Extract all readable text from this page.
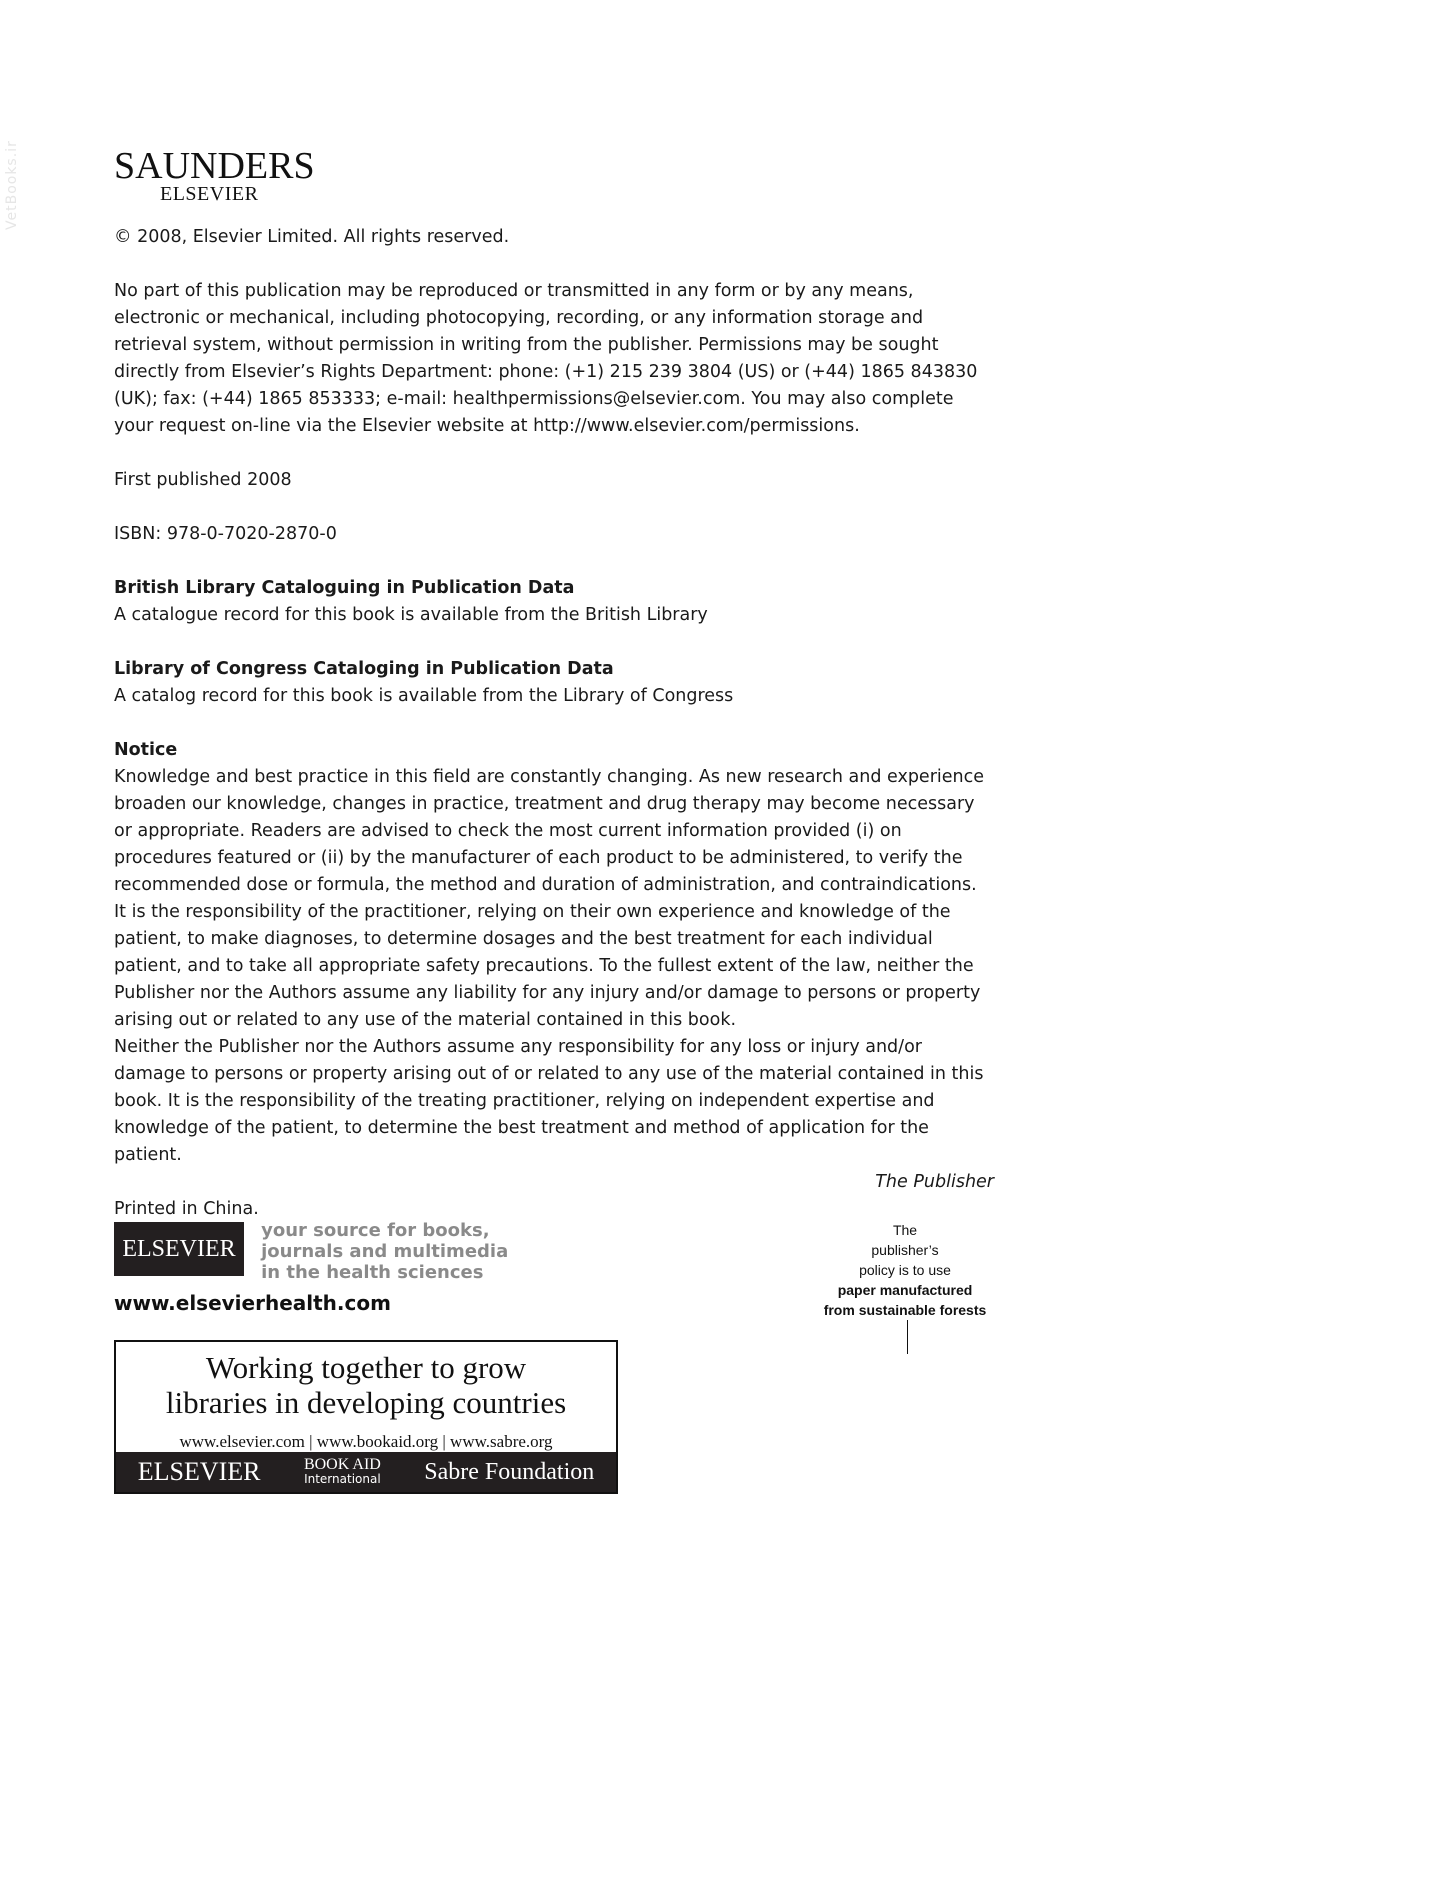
VetBooks.ir SAUNDERS
ELSEVIER

© 2008, Elsevier Limited. All rights reserved.

No part of this publication may be reproduced or transmitted in any form or by any means, electronic or mechanical, including photocopying, recording, or any information storage and retrieval system, without permission in writing from the publisher. Permissions may be sought directly from Elsevier’s Rights Department: phone: (+1) 215 239 3804 (US) or (+44) 1865 843830 (UK); fax: (+44) 1865 853333; e-mail: healthpermissions@elsevier.com. You may also complete your request on-line via the Elsevier website at http://www.elsevier.com/permissions.

First published 2008

ISBN: 978-0-7020-2870-0

British Library Cataloguing in Publication Data
A catalogue record for this book is available from the British Library

Library of Congress Cataloging in Publication Data
A catalog record for this book is available from the Library of Congress

Notice
Knowledge and best practice in this field are constantly changing. As new research and experience broaden our knowledge, changes in practice, treatment and drug therapy may become necessary or appropriate. Readers are advised to check the most current information provided (i) on procedures featured or (ii) by the manufacturer of each product to be administered, to verify the recommended dose or formula, the method and duration of administration, and contraindications. It is the responsibility of the practitioner, relying on their own experience and knowledge of the patient, to make diagnoses, to determine dosages and the best treatment for each individual patient, and to take all appropriate safety precautions. To the fullest extent of the law, neither the Publisher nor the Authors assume any liability for any injury and/or damage to persons or property arising out or related to any use of the material contained in this book.
Neither the Publisher nor the Authors assume any responsibility for any loss or injury and/or damage to persons or property arising out of or related to any use of the material contained in this book. It is the responsibility of the treating practitioner, relying on independent expertise and knowledge of the patient, to determine the best treatment and method of application for the patient.
The Publisher

Printed in China.

ELSEVIER
your source for books,
journals and multimedia
in the health sciences
www.elsevierhealth.com
The
publisher’s
policy is to use
paper manufactured
from sustainable forests
Working together to grow
libraries in developing countries
www.elsevier.com | www.bookaid.org | www.sabre.org
ELSEVIER	BOOK AID
International Sabre Foundation
